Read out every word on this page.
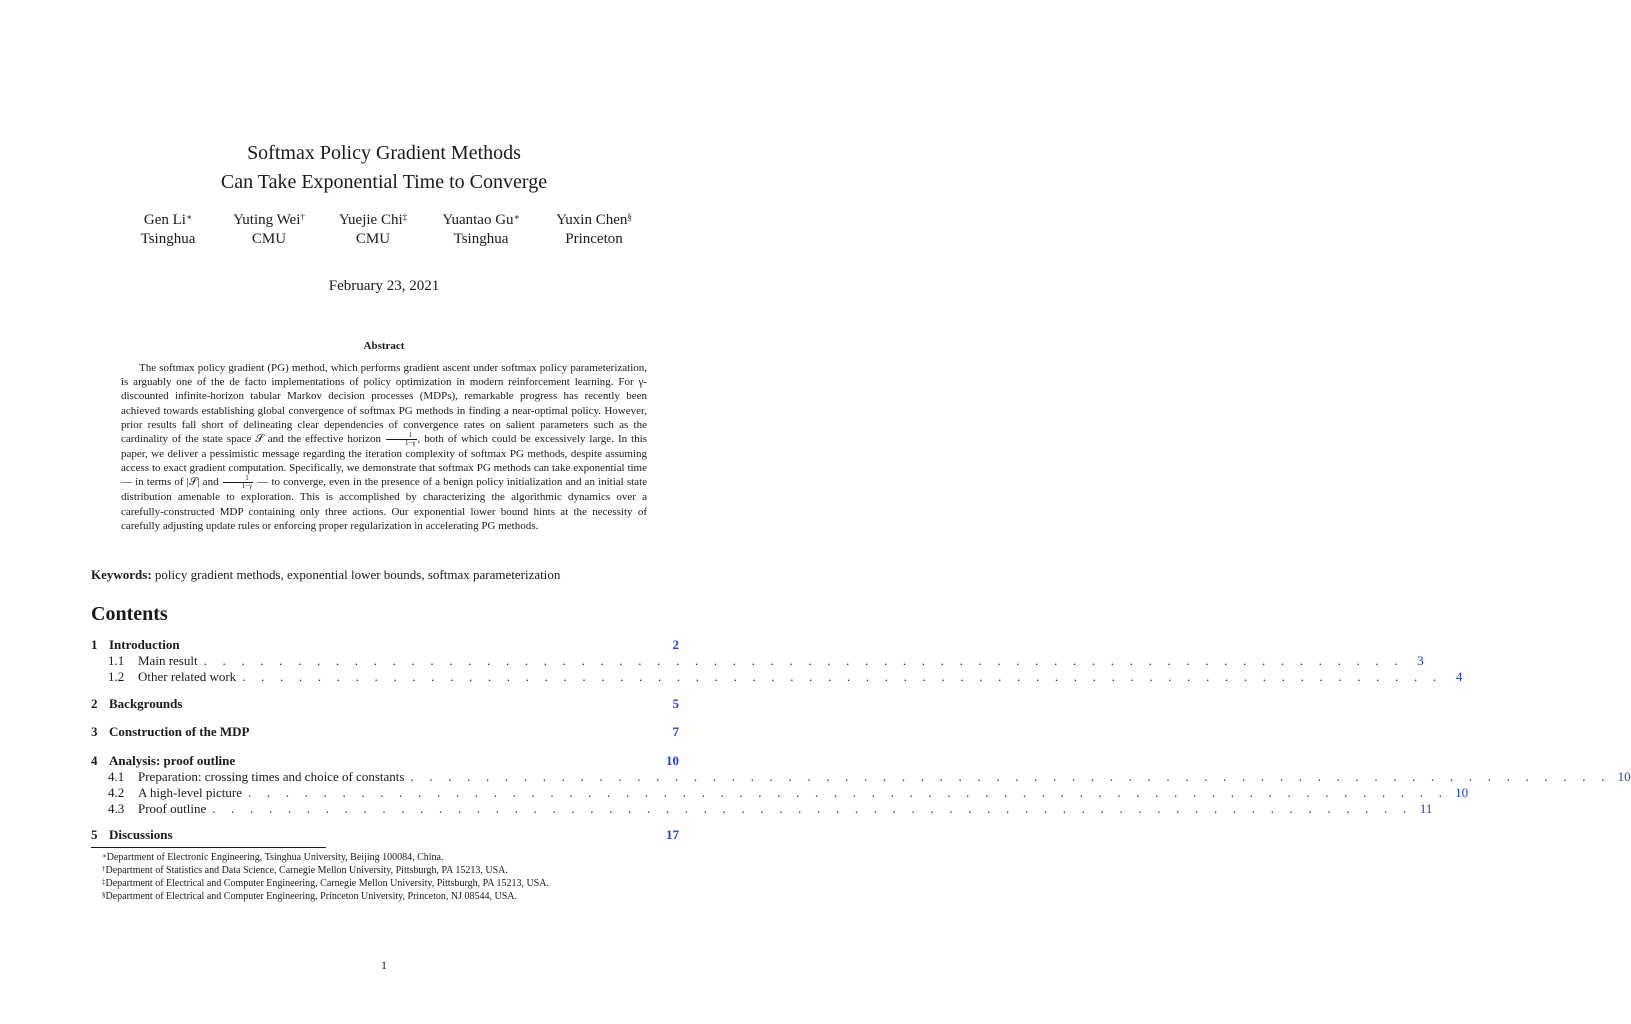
Softmax Policy Gradient Methods
Can Take Exponential Time to Converge
Gen Li∗
Tsinghua
Yuting Wei†
CMU
Yuejie Chi‡
CMU
Yuantao Gu∗
Tsinghua
Yuxin Chen§
Princeton
February 23, 2021
Abstract
The softmax policy gradient (PG) method, which performs gradient ascent under softmax policy parameterization, is arguably one of the de facto implementations of policy optimization in modern reinforcement learning. For γ-discounted infinite-horizon tabular Markov decision processes (MDPs), remarkable progress has recently been achieved towards establishing global convergence of softmax PG methods in finding a near-optimal policy. However, prior results fall short of delineating clear dependencies of convergence rates on salient parameters such as the cardinality of the state space 𝒮 and the effective horizon $\frac{1}{1-\gamma}$ , both of which could be excessively large. In this paper, we deliver a pessimistic message regarding the iteration complexity of softmax PG methods, despite assuming access to exact gradient computation. Specifically, we demonstrate that softmax PG methods can take exponential time — in terms of |𝒮| and $\frac{1}{1-\gamma}$ — to converge, even in the presence of a benign policy initialization and an initial state distribution amenable to exploration. This is accomplished by characterizing the algorithmic dynamics over a carefully-constructed MDP containing only three actions. Our exponential lower bound hints at the necessity of carefully adjusting update rules or enforcing proper regularization in accelerating PG methods.
Keywords: policy gradient methods, exponential lower bounds, softmax parameterization
Contents
1 Introduction	2
1.1	Main result . . . . . . . . . . . . . . . . . . . . . . . . . . . . . . . . . . . . . . . . . . . . . . . . . . . . . . . . . . . . . . . .	3
1.2	Other related work . . . . . . . . . . . . . . . . . . . . . . . . . . . . . . . . . . . . . . . . . . . . . . . . . . . . . . . . . . . . . . . .	4
2 Backgrounds	5
3 Construction of the MDP	7
4 Analysis: proof outline	10
4.1	Preparation: crossing times and choice of constants . . . . . . . . . . . . . . . . . . . . . . . . . . . . . . . . . . . . . . . . . . . . . . . . . . . . . . . . . . . . . . . . 10
4.2	A high-level picture . . . . . . . . . . . . . . . . . . . . . . . . . . . . . . . . . . . . . . . . . . . . . . . . . . . . . . . . . . . . . . . . 10
4.3	Proof outline . . . . . . . . . . . . . . . . . . . . . . . . . . . . . . . . . . . . . . . . . . . . . . . . . . . . . . . . . . . . . . . . 11
5 Discussions	17
∗Department of Electronic Engineering, Tsinghua University, Beijing 100084, China.
†Department of Statistics and Data Science, Carnegie Mellon University, Pittsburgh, PA 15213, USA.
‡Department of Electrical and Computer Engineering, Carnegie Mellon University, Pittsburgh, PA 15213, USA.
§Department of Electrical and Computer Engineering, Princeton University, Princeton, NJ 08544, USA.
1
